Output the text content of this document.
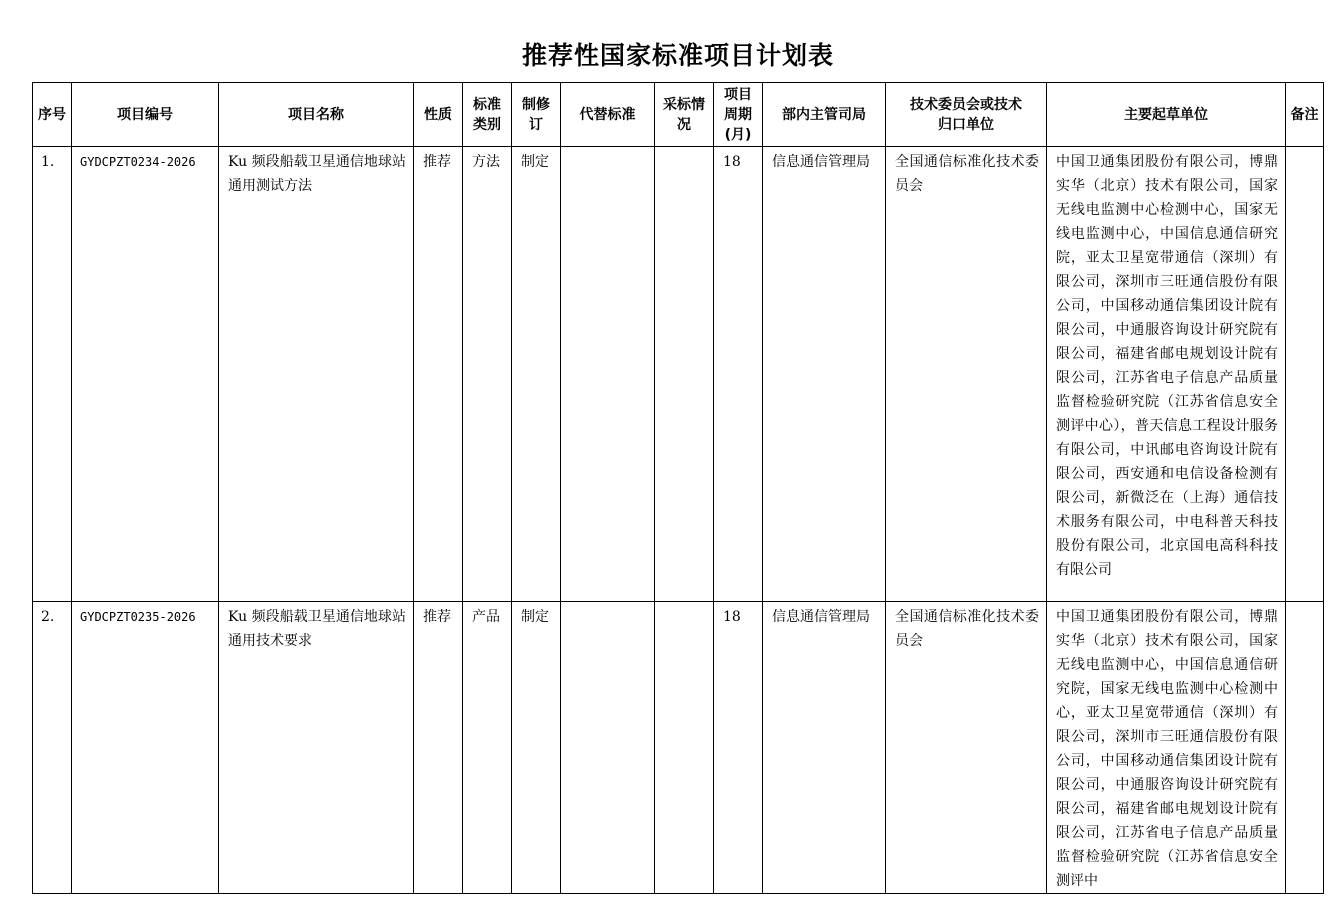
推荐性国家标准项目计划表
序号	项目编号	项目名称	性质	标准类别	制修订	代替标准	采标情况	项目周期(月)	部内主管司局	技术委员会或技术归口单位	主要起草单位	备注

1.	GYDCPZT0234-2026	Ku 频段船载卫星通信地球站通用测试方法	推荐	方法	制定			18	信息通信管理局	全国通信标准化技术委员会	中国卫通集团股份有限公司，博鼎实华（北京）技术有限公司，国家无线电监测中心检测中心，国家无线电监测中心，中国信息通信研究院，亚太卫星宽带通信（深圳）有限公司，深圳市三旺通信股份有限公司，中国移动通信集团设计院有限公司，中通服咨询设计研究院有限公司，福建省邮电规划设计院有限公司，江苏省电子信息产品质量监督检验研究院（江苏省信息安全测评中心），普天信息工程设计服务有限公司，中讯邮电咨询设计院有限公司，西安通和电信设备检测有限公司，新微泛在（上海）通信技术服务有限公司，中电科普天科技股份有限公司，北京国电高科科技有限公司	
2.	GYDCPZT0235-2026	Ku 频段船载卫星通信地球站通用技术要求	推荐	产品	制定			18	信息通信管理局	全国通信标准化技术委员会	中国卫通集团股份有限公司，博鼎实华（北京）技术有限公司，国家无线电监测中心，中国信息通信研究院，国家无线电监测中心检测中心，亚太卫星宽带通信（深圳）有限公司，深圳市三旺通信股份有限公司，中国移动通信集团设计院有限公司，中通服咨询设计研究院有限公司，福建省邮电规划设计院有限公司，江苏省电子信息产品质量监督检验研究院（江苏省信息安全测评中	
